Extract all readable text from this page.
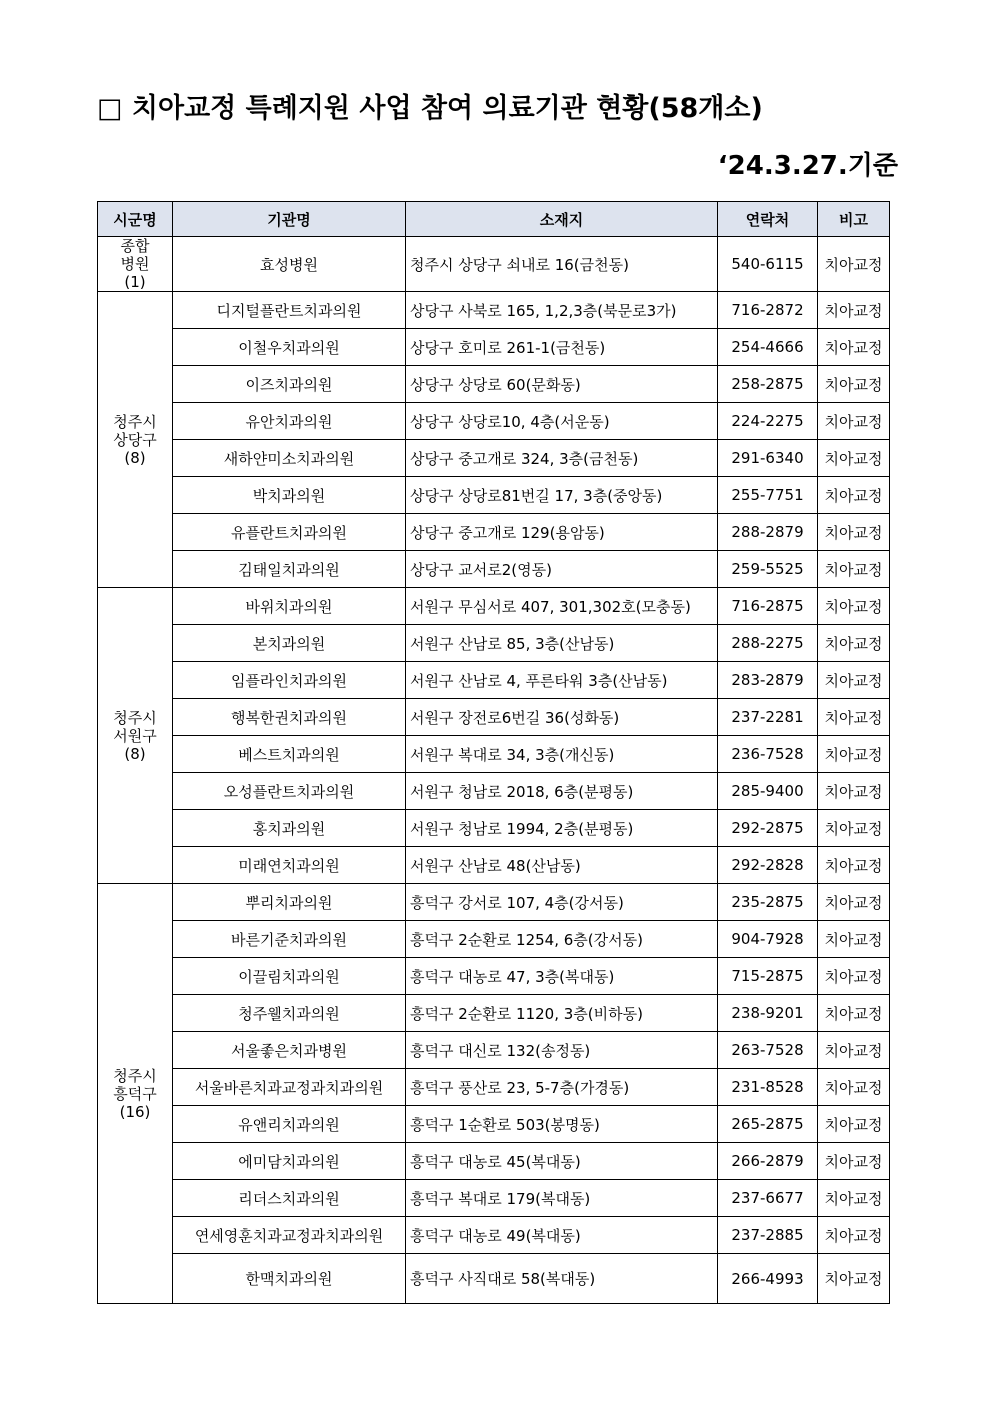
□ 치아교정 특례지원 사업 참여 의료기관 현황(58개소)
‘24.3.27.기준
시군명	기관명	소재지	연락처	비고

종합
병원
(1)	효성병원	청주시 상당구 쇠내로 16(금천동)	540-6115	치아교정

청주시
상당구
(8)	디지털플란트치과의원	상당구 사북로 165, 1,2,3층(북문로3가)	716-2872	치아교정
	이철우치과의원	상당구 호미로 261-1(금천동)	254-4666	치아교정
	이즈치과의원	상당구 상당로 60(문화동)	258-2875	치아교정
	유안치과의원	상당구 상당로10, 4층(서운동)	224-2275	치아교정
	새하얀미소치과의원	상당구 중고개로 324, 3층(금천동)	291-6340	치아교정
	박치과의원	상당구 상당로81번길 17, 3층(중앙동)	255-7751	치아교정
	유플란트치과의원	상당구 중고개로 129(용암동)	288-2879	치아교정
	김태일치과의원	상당구 교서로2(영동)	259-5525	치아교정

청주시
서원구
(8)	바위치과의원	서원구 무심서로 407, 301,302호(모충동)	716-2875	치아교정
	본치과의원	서원구 산남로 85, 3층(산남동)	288-2275	치아교정
	임플라인치과의원	서원구 산남로 4, 푸른타워 3층(산남동)	283-2879	치아교정
	행복한권치과의원	서원구 장전로6번길 36(성화동)	237-2281	치아교정
	베스트치과의원	서원구 복대로 34, 3층(개신동)	236-7528	치아교정
	오성플란트치과의원	서원구 청남로 2018, 6층(분평동)	285-9400	치아교정
	홍치과의원	서원구 청남로 1994, 2층(분평동)	292-2875	치아교정
	미래연치과의원	서원구 산남로 48(산남동)	292-2828	치아교정

청주시
흥덕구
(16)	뿌리치과의원	흥덕구 강서로 107, 4층(강서동)	235-2875	치아교정
	바른기준치과의원	흥덕구 2순환로 1254, 6층(강서동)	904-7928	치아교정
	이끌림치과의원	흥덕구 대농로 47, 3층(복대동)	715-2875	치아교정
	청주웰치과의원	흥덕구 2순환로 1120, 3층(비하동)	238-9201	치아교정
	서울좋은치과병원	흥덕구 대신로 132(송정동)	263-7528	치아교정
	서울바른치과교정과치과의원	흥덕구 풍산로 23, 5-7층(가경동)	231-8528	치아교정
	유앤리치과의원	흥덕구 1순환로 503(봉명동)	265-2875	치아교정
	에미담치과의원	흥덕구 대농로 45(복대동)	266-2879	치아교정
	리더스치과의원	흥덕구 복대로 179(복대동)	237-6677	치아교정
	연세영훈치과교정과치과의원	흥덕구 대농로 49(복대동)	237-2885	치아교정
	한맥치과의원	흥덕구 사직대로 58(복대동)	266-4993	치아교정
